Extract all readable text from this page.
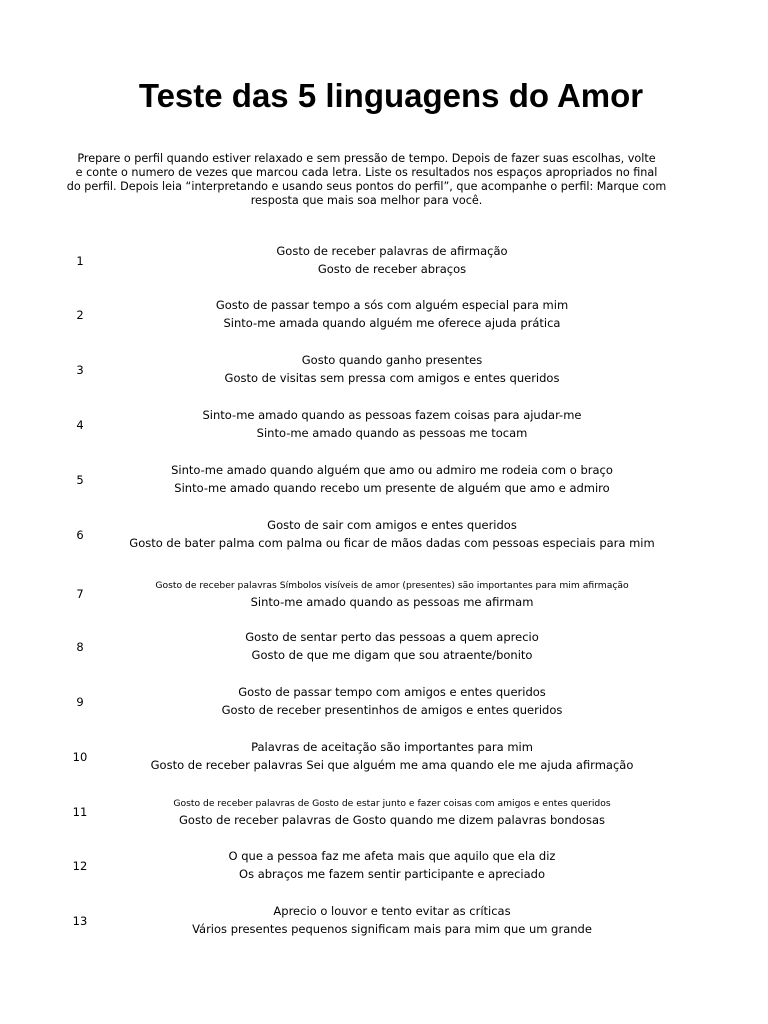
Teste das 5 linguagens do Amor
Prepare o perfil quando estiver relaxado e sem pressão de tempo. Depois de fazer suas escolhas, volte
e conte o numero de vezes que marcou cada letra. Liste os resultados nos espaços apropriados no final
do perfil. Depois leia “interpretando e usando seus pontos do perfil”, que acompanhe o perfil: Marque com
resposta que mais soa melhor para você.
1
Gosto de receber palavras de afirmação
Gosto de receber abraços
2
Gosto de passar tempo a sós com alguém especial para mim
Sinto-me amada quando alguém me oferece ajuda prática
3
Gosto quando ganho presentes
Gosto de visitas sem pressa com amigos e entes queridos
4
Sinto-me amado quando as pessoas fazem coisas para ajudar-me
Sinto-me amado quando as pessoas me tocam
5
Sinto-me amado quando alguém que amo ou admiro me rodeia com o braço
Sinto-me amado quando recebo um presente de alguém que amo e admiro
6
Gosto de sair com amigos e entes queridos
Gosto de bater palma com palma ou ficar de mãos dadas com pessoas especiais para mim
7
Gosto de receber palavras Símbolos visíveis de amor (presentes) são importantes para mim afirmação
Sinto-me amado quando as pessoas me afirmam
8
Gosto de sentar perto das pessoas a quem aprecio
Gosto de que me digam que sou atraente/bonito
9
Gosto de passar tempo com amigos e entes queridos
Gosto de receber presentinhos de amigos e entes queridos
10
Palavras de aceitação são importantes para mim
Gosto de receber palavras Sei que alguém me ama quando ele me ajuda afirmação
11
Gosto de receber palavras de Gosto de estar junto e fazer coisas com amigos e entes queridos
Gosto de receber palavras de Gosto quando me dizem palavras bondosas
12
O que a pessoa faz me afeta mais que aquilo que ela diz
Os abraços me fazem sentir participante e apreciado
13
Aprecio o louvor e tento evitar as críticas
Vários presentes pequenos significam mais para mim que um grande
